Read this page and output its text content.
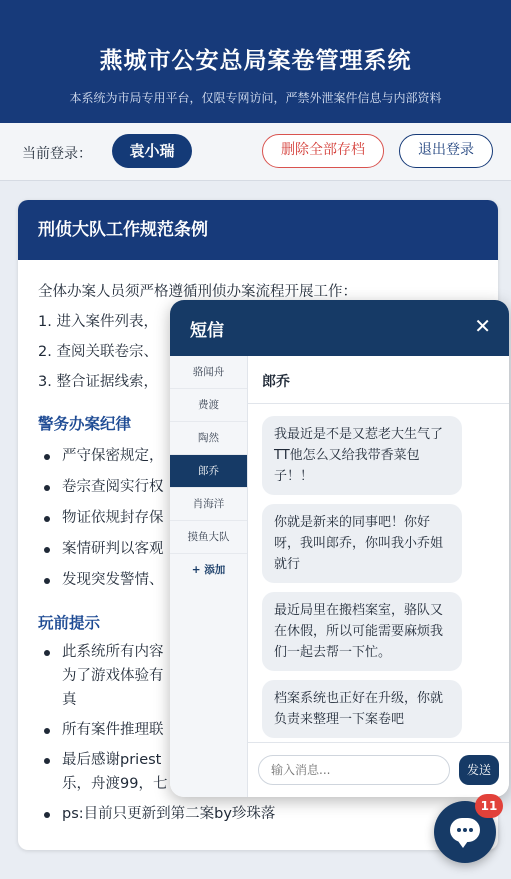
燕城市公安总局案卷管理系统
本系统为市局专用平台，仅限专网访问，严禁外泄案件信息与内部资料
当前登录：	袁小瑞	删除全部存档	退出登录
刑侦大队工作规范条例
全体办案人员须严格遵循刑侦办案流程开展工作：
1. 进入案件列表，
2. 查阅关联卷宗、
3. 整合证据线索，
警务办案纪律
严守保密规定，
卷宗查阅实行权
物证依规封存保
案情研判以客观
发现突发警情、
玩前提示
此系统所有内容
为了游戏体验有
真
所有案件推理联
最后感谢priest
乐，舟渡99，七
ps:目前只更新到第二案by珍珠落
短信	✕
骆闻舟
费渡
陶然
郎乔
肖海洋
摸鱼大队
+ 添加
郎乔
我最近是不是又惹老大生气了TT他怎么又给我带香菜包子！！
你就是新来的同事吧！你好呀，我叫郎乔，你叫我小乔姐就行
最近局里在搬档案室，骆队又在休假，所以可能需要麻烦我们一起去帮一下忙。
档案系统也正好在升级，你就负责来整理一下案卷吧
输入消息...
发送
11
